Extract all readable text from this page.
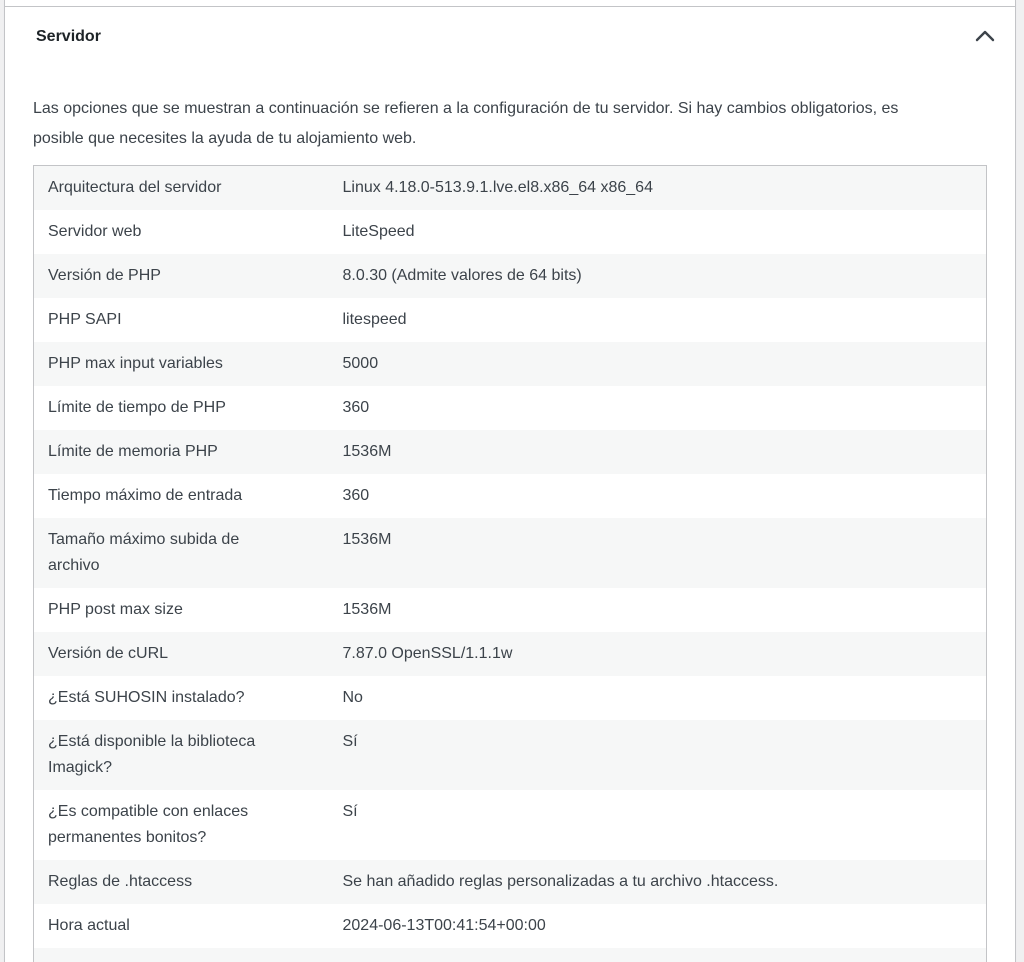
Servidor

Las opciones que se muestran a continuación se refieren a la configuración de tu servidor. Si hay cambios obligatorios, es
posible que necesites la ayuda de tu alojamiento web.

Arquitectura del servidor	Linux 4.18.0-513.9.1.lve.el8.x86_64 x86_64
Servidor web	LiteSpeed
Versión de PHP	8.0.30 (Admite valores de 64 bits)
PHP SAPI	litespeed
PHP max input variables	5000
Límite de tiempo de PHP	360
Límite de memoria PHP	1536M
Tiempo máximo de entrada	360
Tamaño máximo subida de archivo	1536M
PHP post max size	1536M
Versión de cURL	7.87.0 OpenSSL/1.1.1w
¿Está SUHOSIN instalado?	No
¿Está disponible la biblioteca Imagick?	Sí
¿Es compatible con enlaces permanentes bonitos?	Sí
Reglas de .htaccess	Se han añadido reglas personalizadas a tu archivo .htaccess.
Hora actual	2024-06-13T00:41:54+00:00
